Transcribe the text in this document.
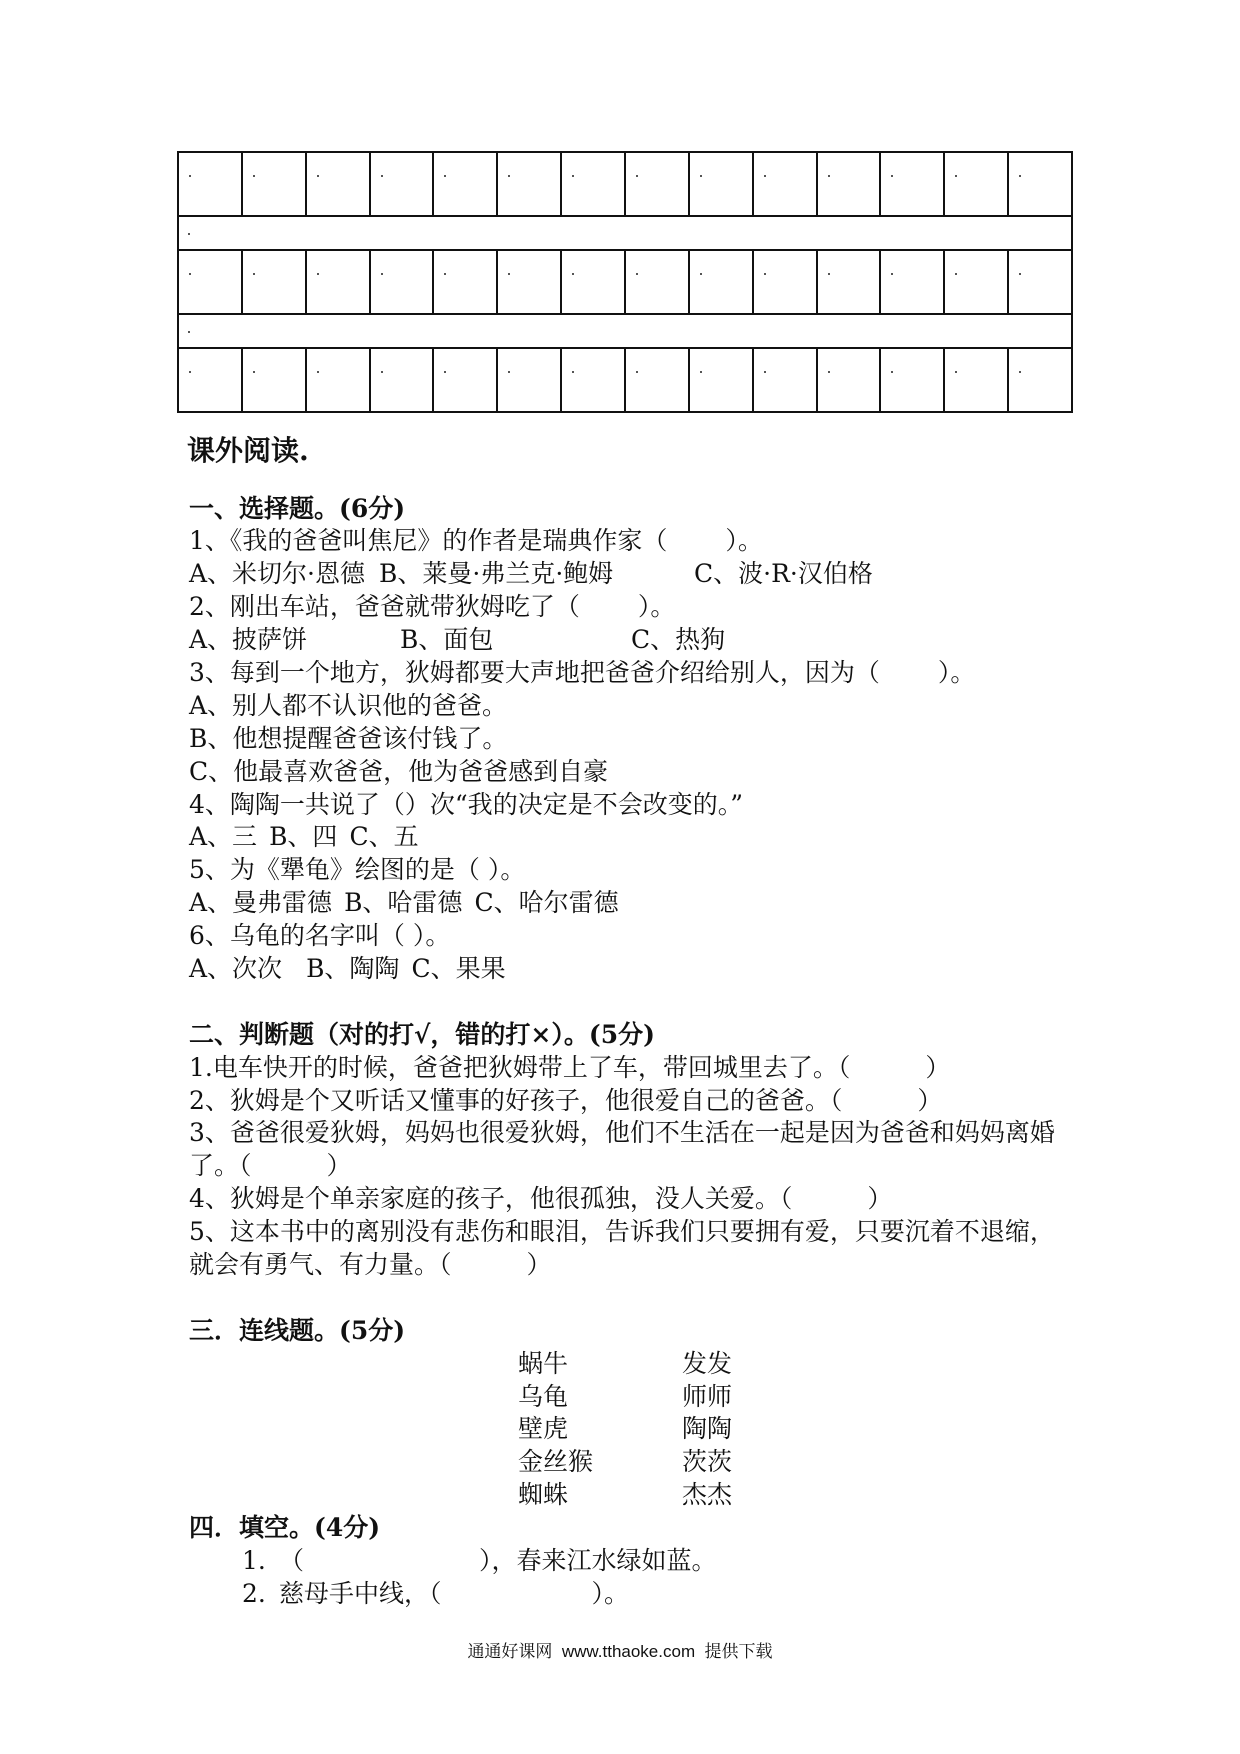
课外阅读.
一、选择题。(6分)
1、《我的爸爸叫焦尼》的作者是瑞典作家（　　 ）。
A、米切尔·恩德 B、莱曼·弗兰克·鲍姆	C、波·R·汉伯格
2、刚出车站，爸爸就带狄姆吃了（　　 ）。
A、披萨饼	B、面包	C、热狗
3、每到一个地方，狄姆都要大声地把爸爸介绍给别人，因为（　　 ）。
A、别人都不认识他的爸爸。
B、他想提醒爸爸该付钱了。
C、他最喜欢爸爸，他为爸爸感到自豪
4、陶陶一共说了（）次“我的决定是不会改变的。”
A、三 B、四 C、五
5、为《犟龟》绘图的是（ ）。
A、曼弗雷德 B、哈雷德 C、哈尔雷德
6、乌龟的名字叫（ ）。
A、次次 B、陶陶 C、果果
二、判断题（对的打√，错的打×）。(5分)
1.电车快开的时候，爸爸把狄姆带上了车，带回城里去了。（　　　）
2、狄姆是个又听话又懂事的好孩子，他很爱自己的爸爸。（　　　）
3、爸爸很爱狄姆，妈妈也很爱狄姆，他们不生活在一起是因为爸爸和妈妈离婚
了。（　　　）
4、狄姆是个单亲家庭的孩子，他很孤独，没人关爱。（　　　）
5、这本书中的离别没有悲伤和眼泪，告诉我们只要拥有爱，只要沉着不退缩，
就会有勇气、有力量。（　　　）
三．连线题。(5分)
蜗牛	发发
乌龟	师师
壁虎	陶陶
金丝猴	茨茨
蜘蛛	杰杰
四．填空。(4分)
1. （　　　　　　　），春来江水绿如蓝。
2. 慈母手中线，（　　　　　　）。
通通好课网  www.tthaoke.com  提供下载
